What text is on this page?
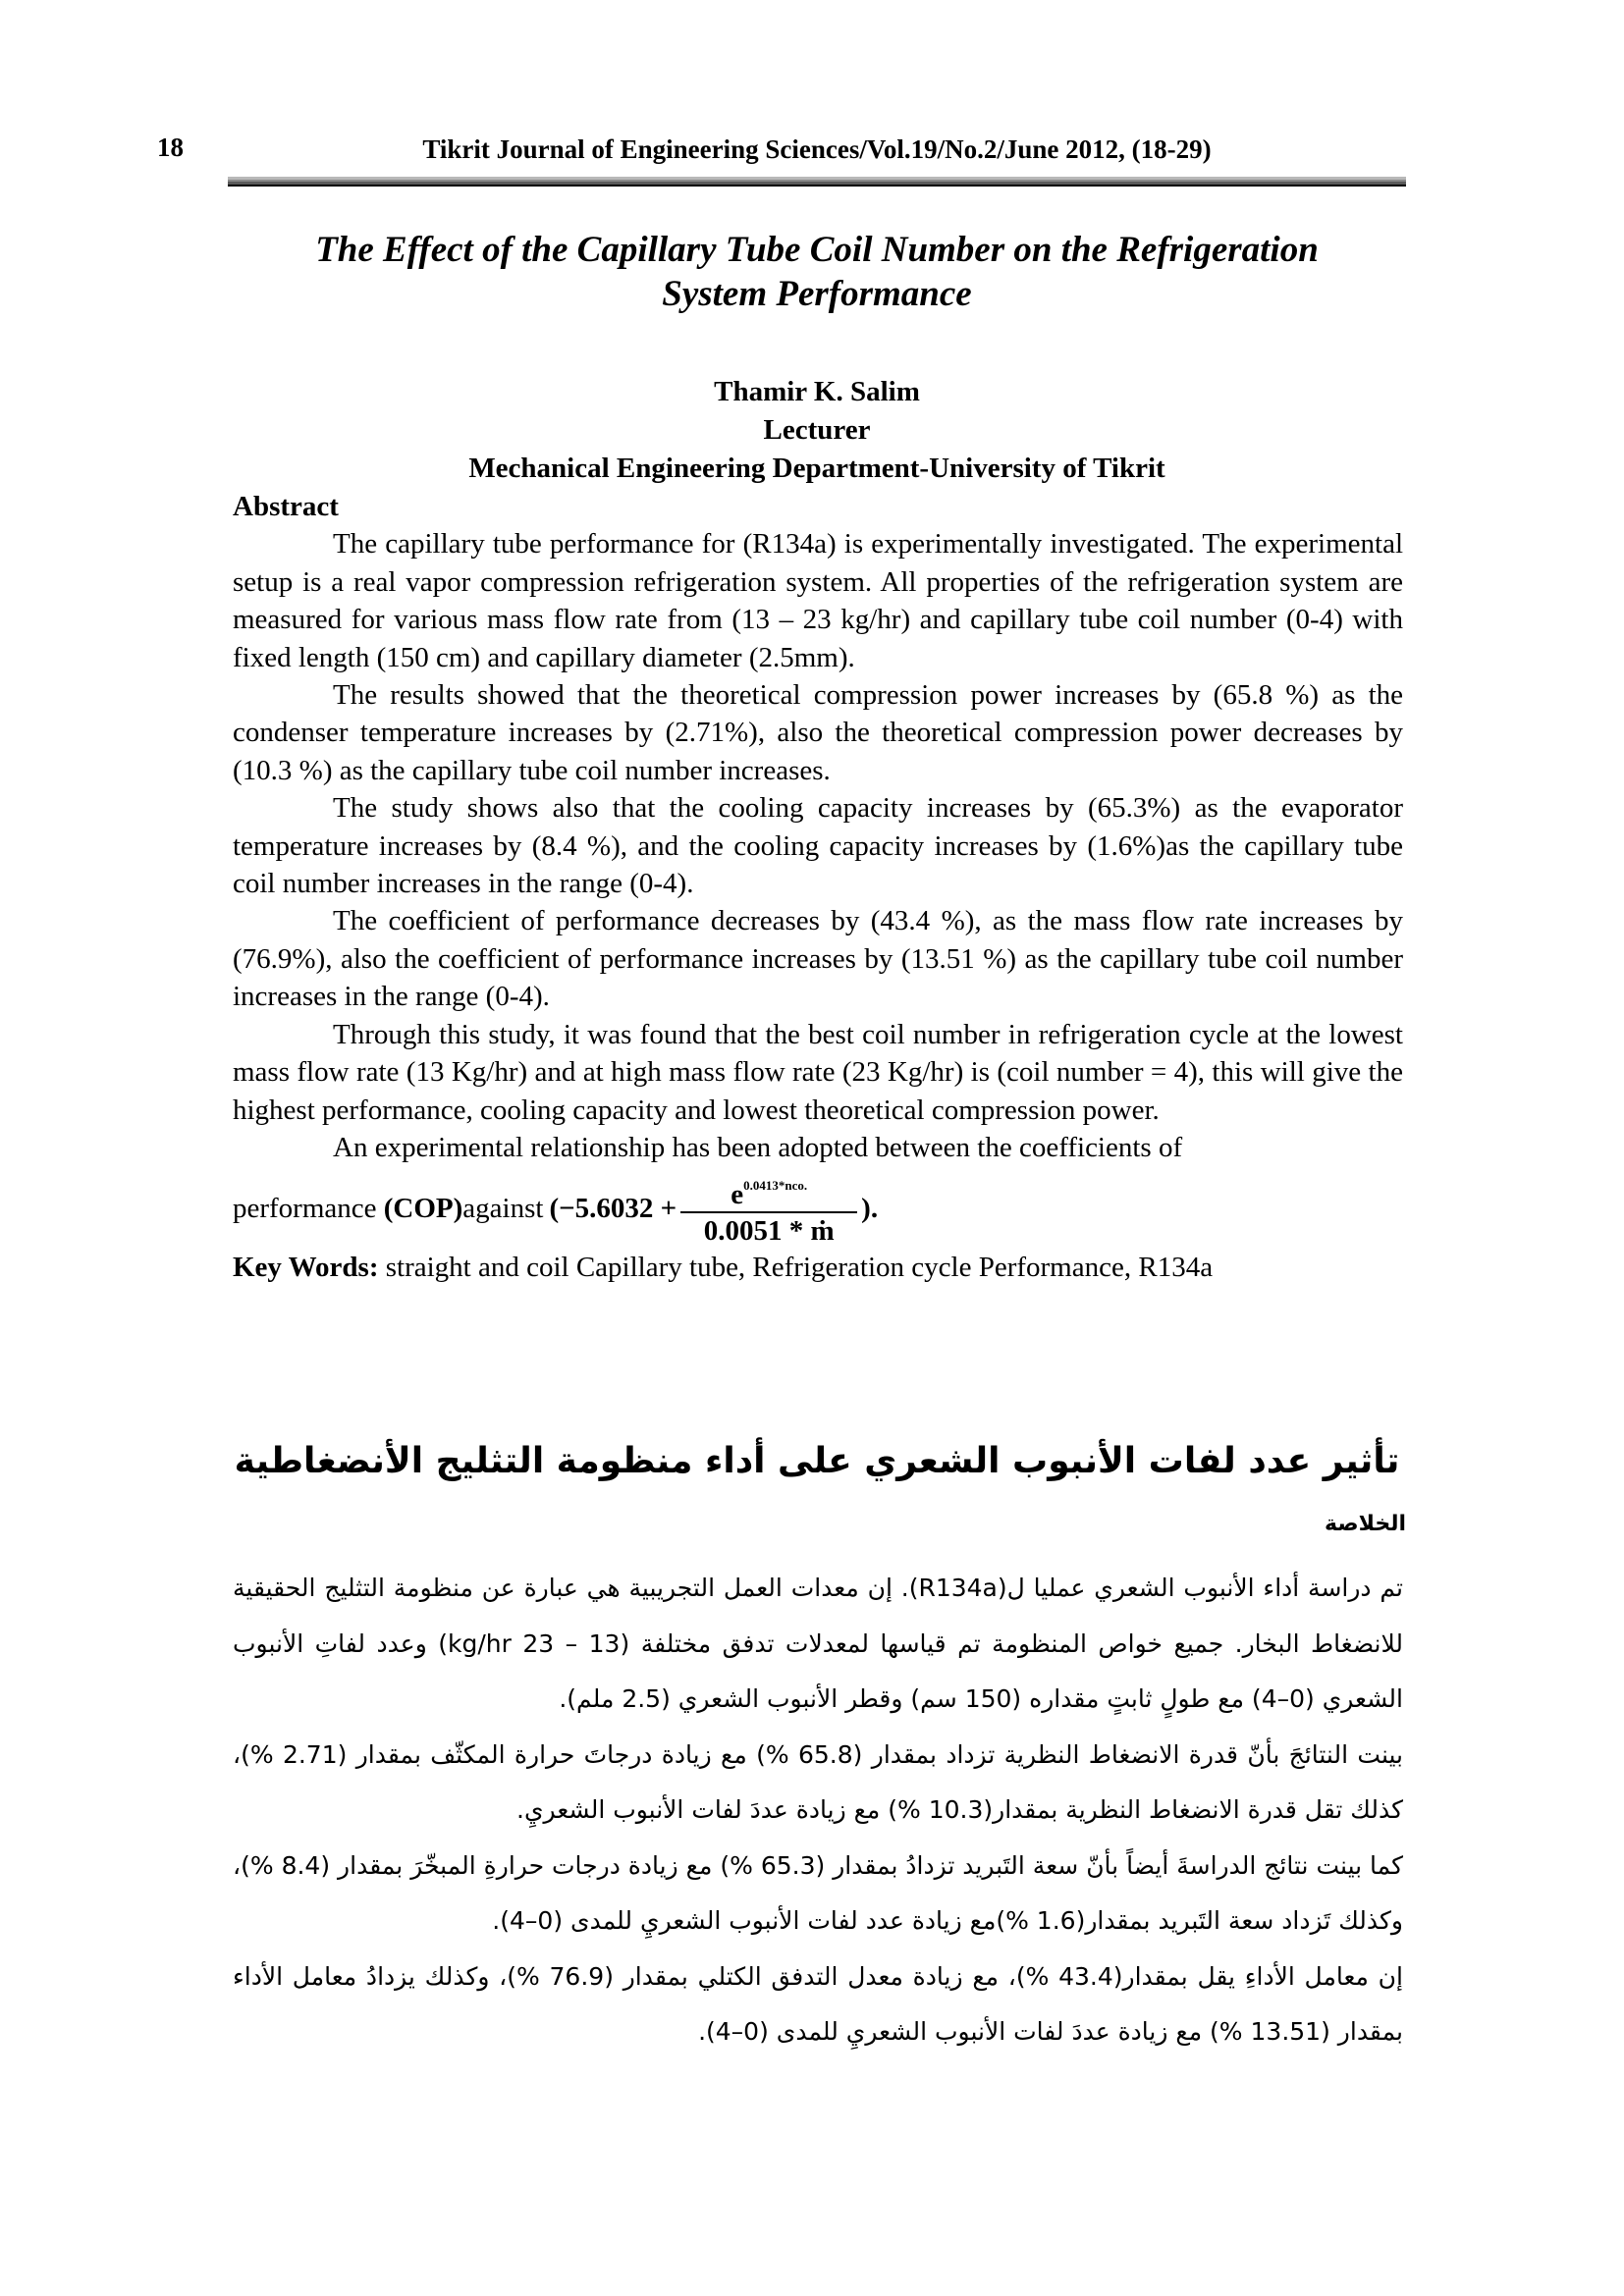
18	Tikrit Journal of Engineering Sciences/Vol.19/No.2/June 2012, (18-29)
The Effect of the Capillary Tube Coil Number on the Refrigeration
System Performance
Thamir K. Salim
Lecturer
Mechanical Engineering Department-University of Tikrit

Abstract

The capillary tube performance for (R134a) is experimentally investigated. The experimental setup is a real vapor compression refrigeration system. All properties of the refrigeration system are measured for various mass flow rate from (13 – 23 kg/hr) and capillary tube coil number (0-4) with fixed length (150 cm) and capillary diameter (2.5mm).

The results showed that the theoretical compression power increases by (65.8 %) as the condenser temperature increases by (2.71%), also the theoretical compression power decreases by (10.3 %) as the capillary tube coil number increases.

The study shows also that the cooling capacity increases by (65.3%) as the evaporator temperature increases by (8.4 %), and the cooling capacity increases by (1.6%)as the capillary tube coil number increases in the range (0-4).

The coefficient of performance decreases by (43.4 %), as the mass flow rate increases by (76.9%), also the coefficient of performance increases by (13.51 %) as the capillary tube coil number increases in the range (0-4).

Through this study, it was found that the best coil number in refrigeration cycle at the lowest mass flow rate (13 Kg/hr) and at high mass flow rate (23 Kg/hr) is (coil number = 4), this will give the highest performance, cooling capacity and lowest theoretical compression power.

An experimental relationship has been adopted between the coefficients of

performance
(COP) against ($-5.6032 + \frac{e^{0.0413*nco.}}{\text{0.0051 * ṁ}}$ ).

Key Words: straight and coil Capillary tube, Refrigeration cycle Performance, R134a

تأثير عدد لفات الأنبوب الشعري على أداء منظومة التثليج الأنضغاطية
الخلاصة

تم دراسة أداء الأنبوب الشعري عمليا ل(R134a). إن معدات العمل التجريبية هي عبارة عن منظومة التثليج الحقيقية للانضغاط البخار. جميع خواص المنظومة تم قياسها لمعدلات تدفق مختلفة (13 – 23 kg/hr) وعدد لفاتِ الأنبوب الشعري (0–4) مع طولٍ ثابتٍ مقداره (150 سم) وقطر الأنبوب الشعري (2.5 ملم).

بينت النتائجَ بأنّ قدرة الانضغاط النظرية تزداد بمقدار (65.8 %) مع زيادة درجاتَ حرارة المكثّف بمقدار (2.71 %)، كذلك تقل قدرة الانضغاط النظرية بمقدار(10.3 %) مع زيادة عددَ لفات الأنبوب الشعريِ.

كما بينت نتائج الدراسةَ أيضاً بأنّ سعة التَبريد تزدادُ بمقدار (65.3 %) مع زيادة درجات حرارةِ المبخّرَ بمقدار (8.4 %)، وكذلك تَزداد سعة التَبريد بمقدار(1.6 %)مع زيادة عدد لفات الأنبوب الشعريِ للمدى (0–4).

إن معامل الأداءِ يقل بمقدار(43.4 %)، مع زيادة معدل التدفق الكتلي بمقدار (76.9 %)، وكذلك يزدادُ معامل الأداء بمقدار (13.51 %) مع زيادة عددَ لفات الأنبوب الشعريِ للمدى (0–4).
